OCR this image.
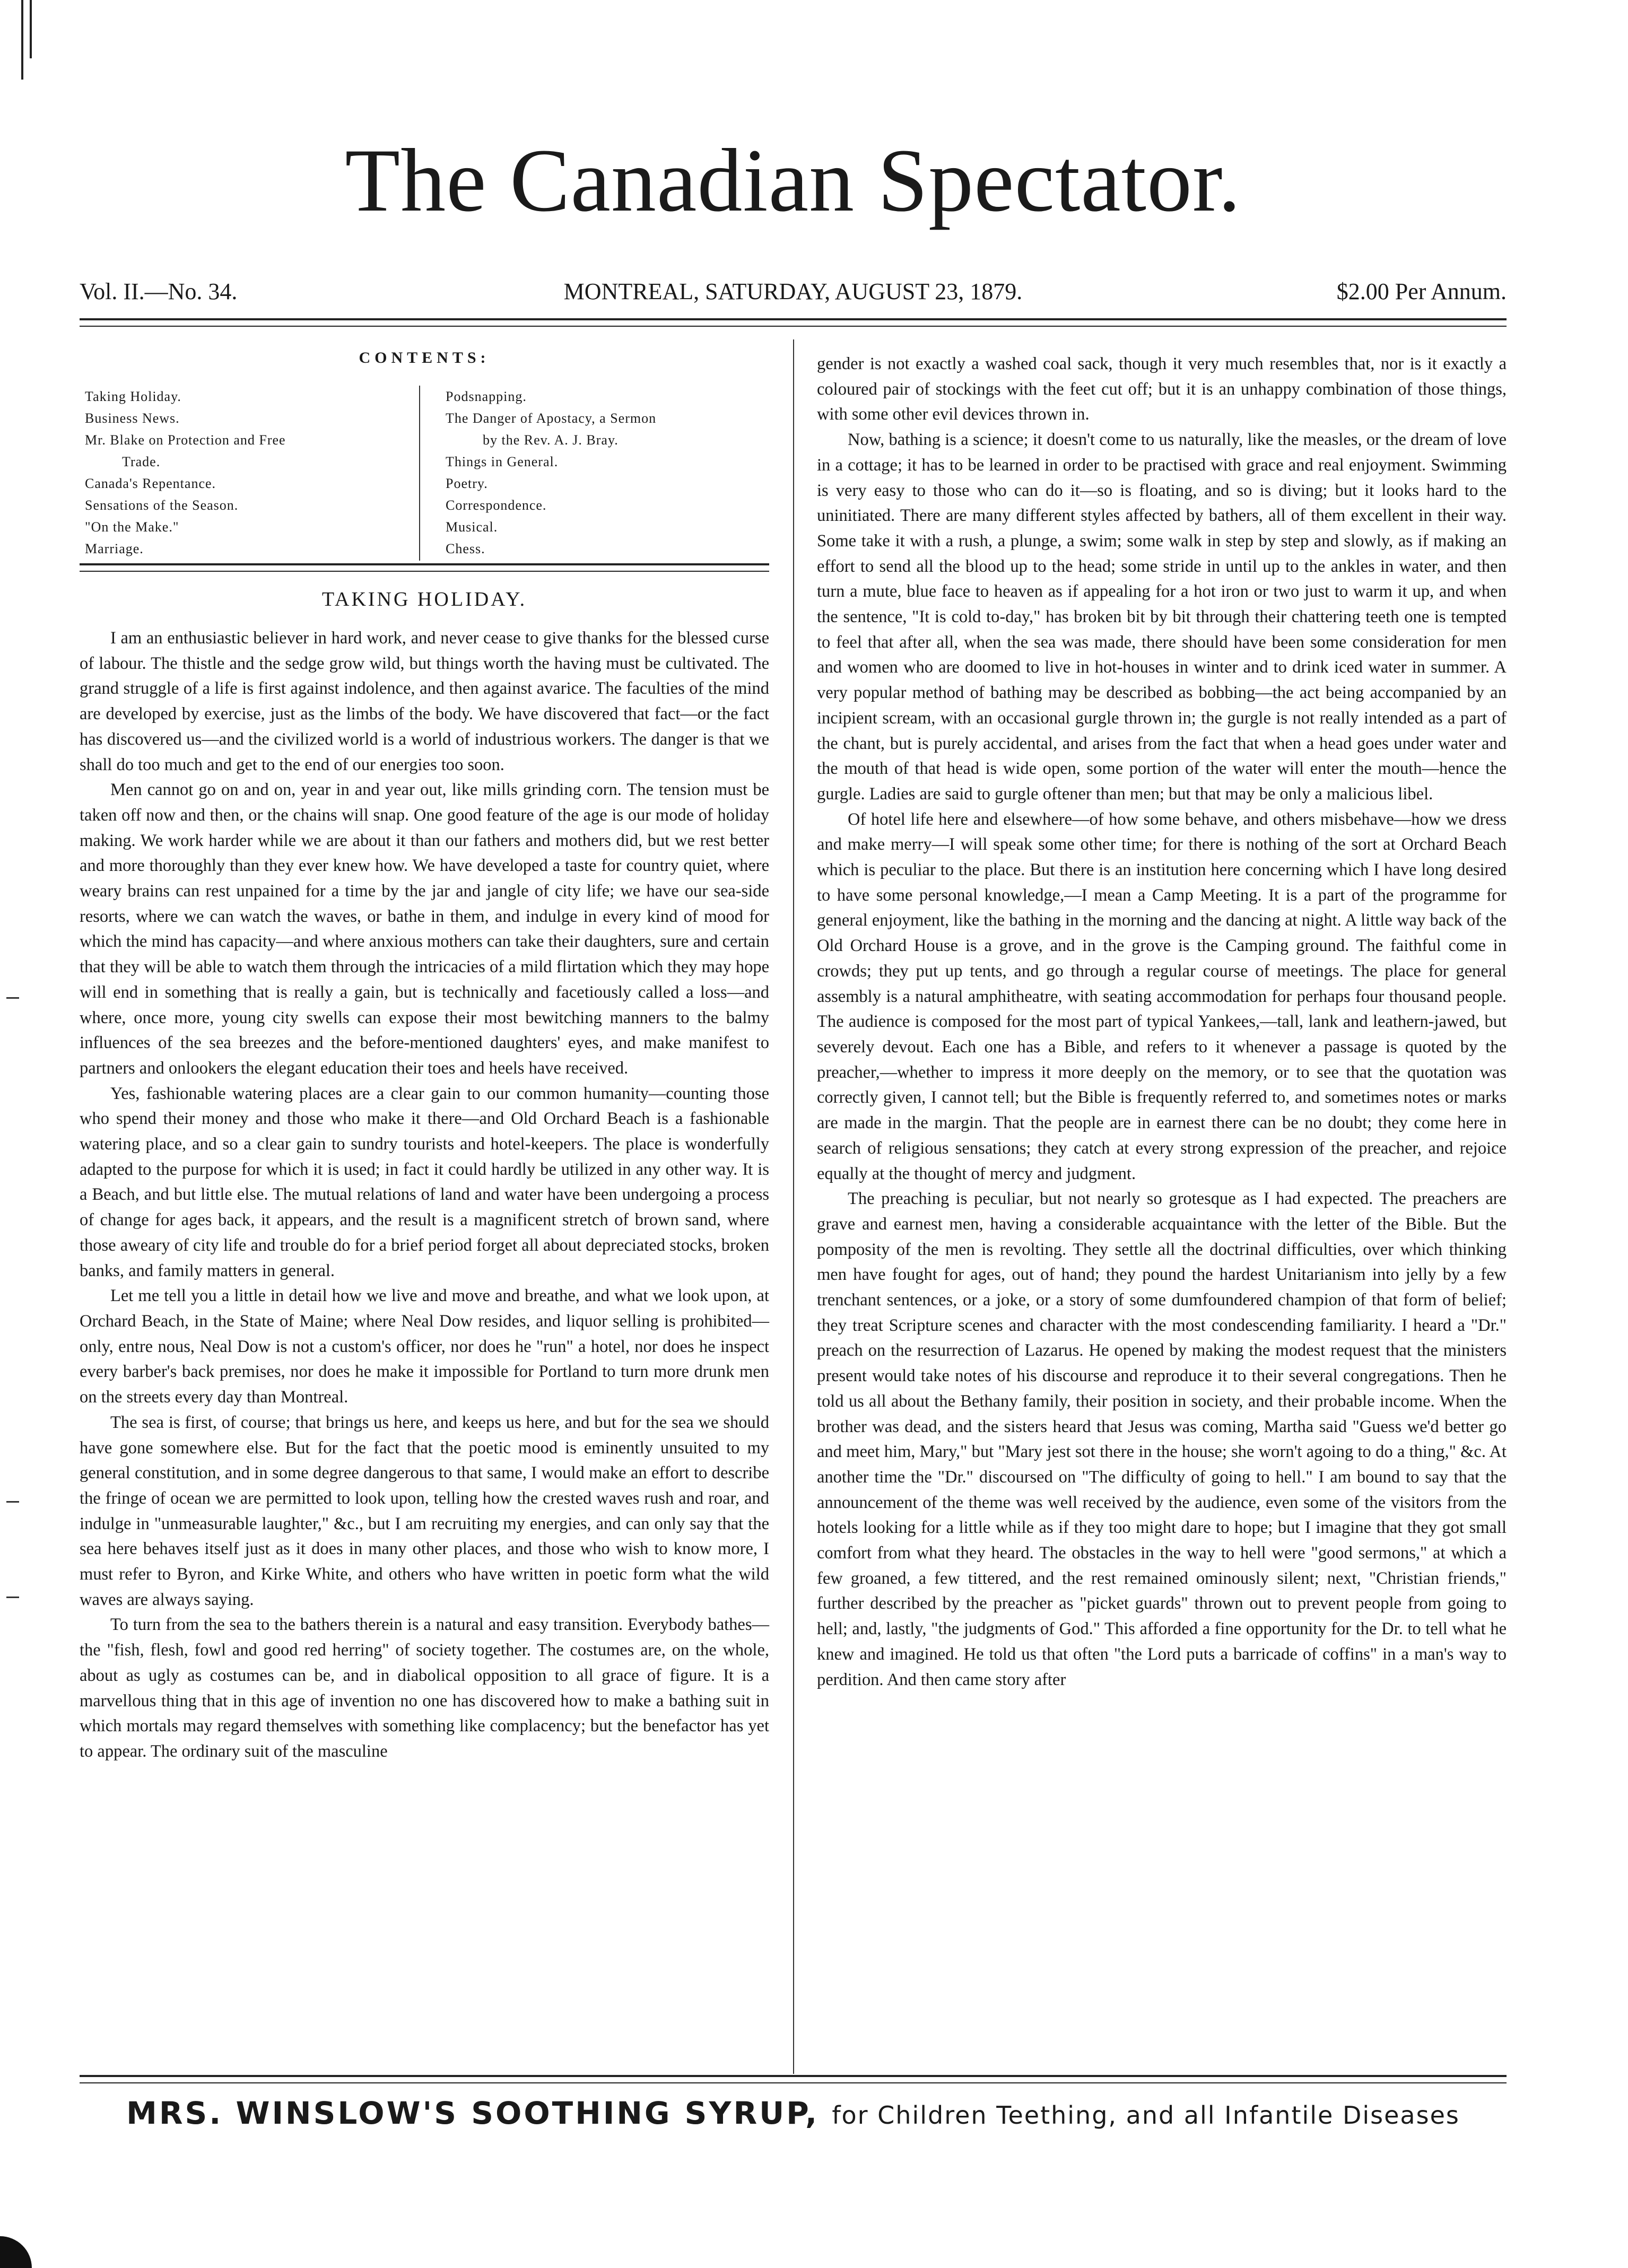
The Canadian Spectator.
Vol. II.—No. 34.	MONTREAL, SATURDAY, AUGUST 23, 1879.	$2.00 Per Annum.
CONTENTS:
Taking Holiday.
Business News.
Mr. Blake on Protection and Free
Trade.
Canada's Repentance.
Sensations of the Season.
"On the Make."
Marriage.
Podsnapping.
The Danger of Apostacy, a Sermon
by the Rev. A. J. Bray.
Things in General.
Poetry.
Correspondence.
Musical.
Chess.
TAKING HOLIDAY.

I am an enthusiastic believer in hard work, and never cease to give thanks for the blessed curse of labour. The thistle and the sedge grow wild, but things worth the having must be cultivated. The grand struggle of a life is first against indolence, and then against avarice. The faculties of the mind are developed by exercise, just as the limbs of the body. We have discovered that fact—or the fact has discovered us—and the civilized world is a world of industrious workers. The danger is that we shall do too much and get to the end of our energies too soon.

Men cannot go on and on, year in and year out, like mills grinding corn. The tension must be taken off now and then, or the chains will snap. One good feature of the age is our mode of holiday making. We work harder while we are about it than our fathers and mothers did, but we rest better and more thoroughly than they ever knew how. We have developed a taste for country quiet, where weary brains can rest unpained for a time by the jar and jangle of city life; we have our sea-side resorts, where we can watch the waves, or bathe in them, and indulge in every kind of mood for which the mind has capacity—and where anxious mothers can take their daughters, sure and certain that they will be able to watch them through the intricacies of a mild flirtation which they may hope will end in something that is really a gain, but is technically and facetiously called a loss—and where, once more, young city swells can expose their most bewitching manners to the balmy influences of the sea breezes and the before-mentioned daughters' eyes, and make manifest to partners and onlookers the elegant education their toes and heels have received.

Yes, fashionable watering places are a clear gain to our common humanity—counting those who spend their money and those who make it there—and Old Orchard Beach is a fashionable watering place, and so a clear gain to sundry tourists and hotel-keepers. The place is wonderfully adapted to the purpose for which it is used; in fact it could hardly be utilized in any other way. It is a Beach, and but little else. The mutual relations of land and water have been undergoing a process of change for ages back, it appears, and the result is a magnificent stretch of brown sand, where those aweary of city life and trouble do for a brief period forget all about depreciated stocks, broken banks, and family matters in general.

Let me tell you a little in detail how we live and move and breathe, and what we look upon, at Orchard Beach, in the State of Maine; where Neal Dow resides, and liquor selling is prohibited—only, entre nous, Neal Dow is not a custom's officer, nor does he "run" a hotel, nor does he inspect every barber's back premises, nor does he make it impossible for Portland to turn more drunk men on the streets every day than Montreal.

The sea is first, of course; that brings us here, and keeps us here, and but for the sea we should have gone somewhere else. But for the fact that the poetic mood is eminently unsuited to my general constitution, and in some degree dangerous to that same, I would make an effort to describe the fringe of ocean we are permitted to look upon, telling how the crested waves rush and roar, and indulge in "unmeasurable laughter," &c., but I am recruiting my energies, and can only say that the sea here behaves itself just as it does in many other places, and those who wish to know more, I must refer to Byron, and Kirke White, and others who have written in poetic form what the wild waves are always saying.

To turn from the sea to the bathers therein is a natural and easy transition. Everybody bathes—the "fish, flesh, fowl and good red herring" of society together. The costumes are, on the whole, about as ugly as costumes can be, and in diabolical opposition to all grace of figure. It is a marvellous thing that in this age of invention no one has discovered how to make a bathing suit in which mortals may regard themselves with something like complacency; but the benefactor has yet to appear. The ordinary suit of the masculine

gender is not exactly a washed coal sack, though it very much resembles that, nor is it exactly a coloured pair of stockings with the feet cut off; but it is an unhappy combination of those things, with some other evil devices thrown in.

Now, bathing is a science; it doesn't come to us naturally, like the measles, or the dream of love in a cottage; it has to be learned in order to be practised with grace and real enjoyment. Swimming is very easy to those who can do it—so is floating, and so is diving; but it looks hard to the uninitiated. There are many different styles affected by bathers, all of them excellent in their way. Some take it with a rush, a plunge, a swim; some walk in step by step and slowly, as if making an effort to send all the blood up to the head; some stride in until up to the ankles in water, and then turn a mute, blue face to heaven as if appealing for a hot iron or two just to warm it up, and when the sentence, "It is cold to-day," has broken bit by bit through their chattering teeth one is tempted to feel that after all, when the sea was made, there should have been some consideration for men and women who are doomed to live in hot-houses in winter and to drink iced water in summer. A very popular method of bathing may be described as bobbing—the act being accompanied by an incipient scream, with an occasional gurgle thrown in; the gurgle is not really intended as a part of the chant, but is purely accidental, and arises from the fact that when a head goes under water and the mouth of that head is wide open, some portion of the water will enter the mouth—hence the gurgle. Ladies are said to gurgle oftener than men; but that may be only a malicious libel.

Of hotel life here and elsewhere—of how some behave, and others misbehave—how we dress and make merry—I will speak some other time; for there is nothing of the sort at Orchard Beach which is peculiar to the place. But there is an institution here concerning which I have long desired to have some personal knowledge,—I mean a Camp Meeting. It is a part of the programme for general enjoyment, like the bathing in the morning and the dancing at night. A little way back of the Old Orchard House is a grove, and in the grove is the Camping ground. The faithful come in crowds; they put up tents, and go through a regular course of meetings. The place for general assembly is a natural amphitheatre, with seating accommodation for perhaps four thousand people. The audience is composed for the most part of typical Yankees,—tall, lank and leathern-jawed, but severely devout. Each one has a Bible, and refers to it whenever a passage is quoted by the preacher,—whether to impress it more deeply on the memory, or to see that the quotation was correctly given, I cannot tell; but the Bible is frequently referred to, and sometimes notes or marks are made in the margin. That the people are in earnest there can be no doubt; they come here in search of religious sensations; they catch at every strong expression of the preacher, and rejoice equally at the thought of mercy and judgment.

The preaching is peculiar, but not nearly so grotesque as I had expected. The preachers are grave and earnest men, having a considerable acquaintance with the letter of the Bible. But the pomposity of the men is revolting. They settle all the doctrinal difficulties, over which thinking men have fought for ages, out of hand; they pound the hardest Unitarianism into jelly by a few trenchant sentences, or a joke, or a story of some dumfoundered champion of that form of belief; they treat Scripture scenes and character with the most condescending familiarity. I heard a "Dr." preach on the resurrection of Lazarus. He opened by making the modest request that the ministers present would take notes of his discourse and reproduce it to their several congregations. Then he told us all about the Bethany family, their position in society, and their probable income. When the brother was dead, and the sisters heard that Jesus was coming, Martha said "Guess we'd better go and meet him, Mary," but "Mary jest sot there in the house; she worn't agoing to do a thing," &c. At another time the "Dr." discoursed on "The difficulty of going to hell." I am bound to say that the announcement of the theme was well received by the audience, even some of the visitors from the hotels looking for a little while as if they too might dare to hope; but I imagine that they got small comfort from what they heard. The obstacles in the way to hell were "good sermons," at which a few groaned, a few tittered, and the rest remained ominously silent; next, "Christian friends," further described by the preacher as "picket guards" thrown out to prevent people from going to hell; and, lastly, "the judgments of God." This afforded a fine opportunity for the Dr. to tell what he knew and imagined. He told us that often "the Lord puts a barricade of coffins" in a man's way to perdition. And then came story after

MRS. WINSLOW'S SOOTHING SYRUP, for Children Teething, and all Infantile Diseases
